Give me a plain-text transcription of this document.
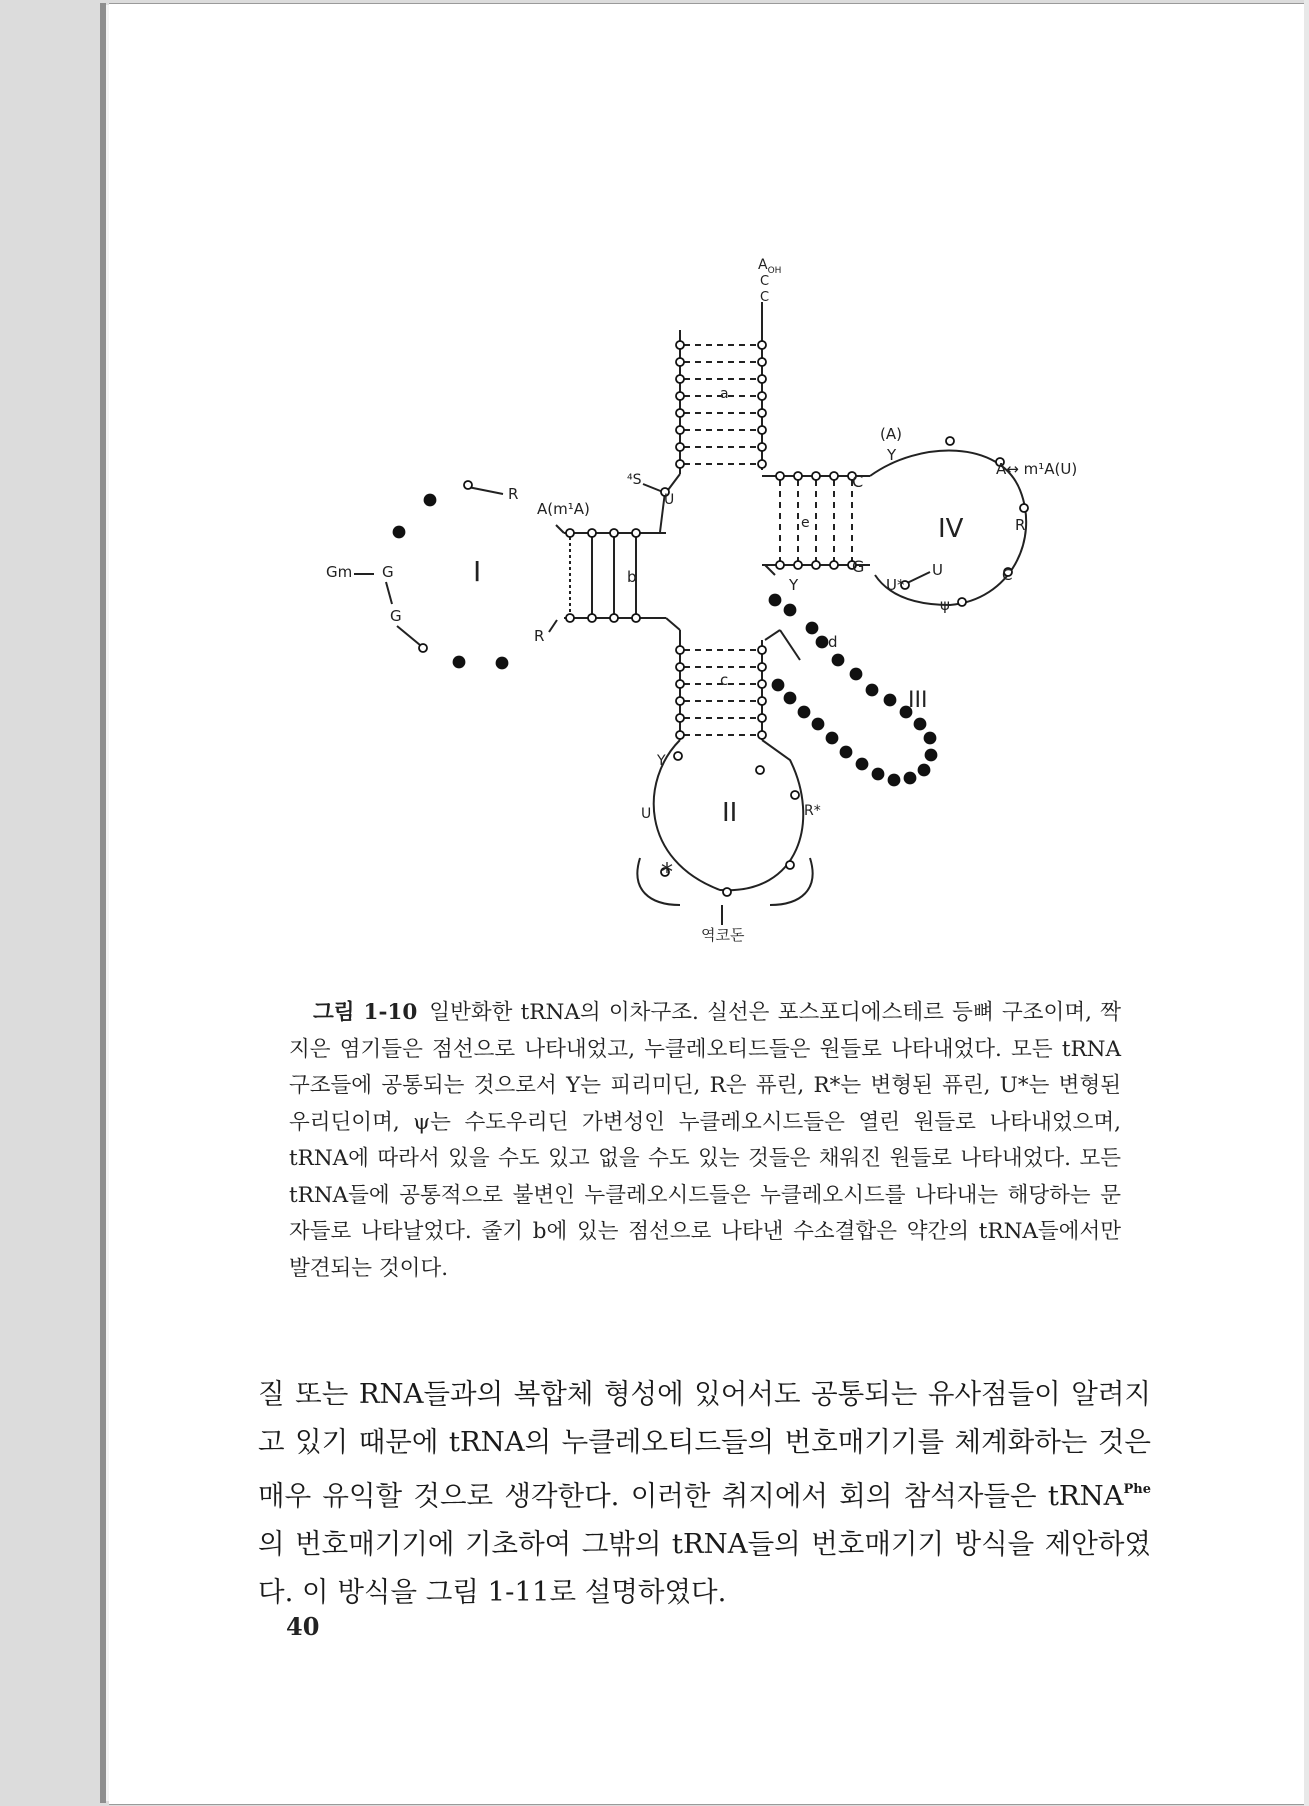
$A_{OH}$
C
C
a
b
c
d
e
I
II
III
IV
Gm G
G
R
R
A(m¹A)
⁴S
U
C
G
Y
(A)
Y
A↔ m¹A(U)
R
C
ψ
U*
U
Y
U	R*
*
역코돈

그림 1-10 일반화한 tRNA의 이차구조. 실선은 포스포디에스테르 등뼈 구조이며, 짝지은 염기들은 점선으로 나타내었고, 누클레오티드들은 원들로 나타내었다. 모든 tRNA 구조들에 공통되는 것으로서 Y는 피리미딘, R은 퓨린, R*는 변형된 퓨린, U*는 변형된 우리딘이며, ψ는 수도우리딘 가변성인 누클레오시드들은 열린 원들로 나타내었으며, tRNA에 따라서 있을 수도 있고 없을 수도 있는 것들은 채워진 원들로 나타내었다. 모든 tRNA들에 공통적으로 불변인 누클레오시드들은 누클레오시드를 나타내는 해당하는 문자들로 나타날었다. 줄기 b에 있는 점선으로 나타낸 수소결합은 약간의 tRNA들에서만 발견되는 것이다.

질 또는 RNA들과의 복합체 형성에 있어서도 공통되는 유사점들이 알려지고 있기 때문에 tRNA의 누클레오티드들의 번호매기기를 체계화하는 것은 매우 유익할 것으로 생각한다. 이러한 취지에서 회의 참석자들은 tRNA$^{Phe}$의 번호매기기에 기초하여 그밖의 tRNA들의 번호매기기 방식을 제안하였다. 이 방식을 그림 1-11로 설명하였다.

40
